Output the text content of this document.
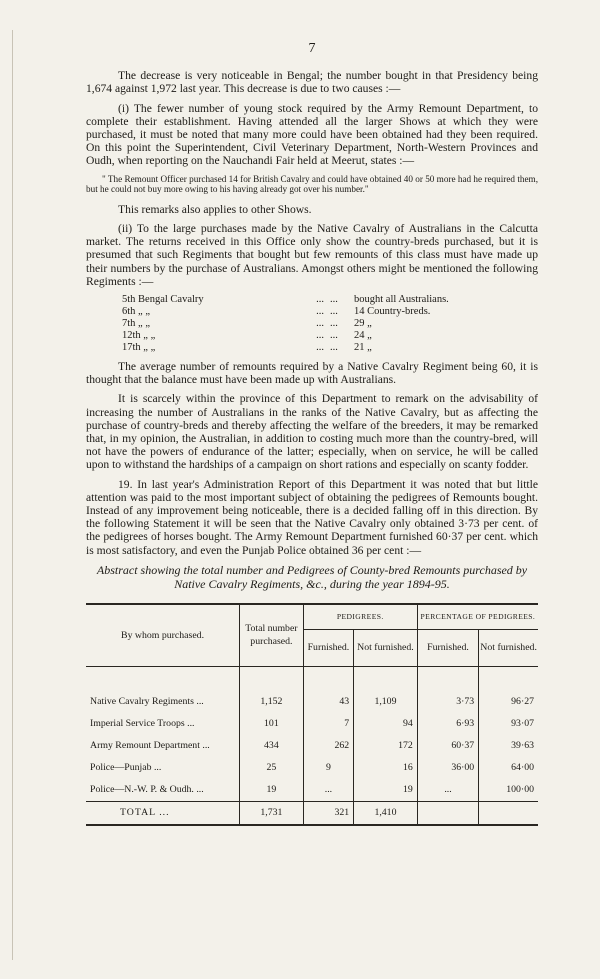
7

The decrease is very noticeable in Bengal; the number bought in that Presidency being 1,674 against 1,972 last year. This decrease is due to two causes :—

(i) The fewer number of young stock required by the Army Remount Department, to complete their establishment. Having attended all the larger Shows at which they were purchased, it must be noted that many more could have been obtained had they been required. On this point the Superintendent, Civil Veterinary Department, North-Western Provinces and Oudh, when reporting on the Nauchandi Fair held at Meerut, states :—

" The Remount Officer purchased 14 for British Cavalry and could have obtained 40 or 50 more had he required them, but he could not buy more owing to his having already got over his number."

This remarks also applies to other Shows.

(ii) To the large purchases made by the Native Cavalry of Australians in the Calcutta market. The returns received in this Office only show the country-breds purchased, but it is presumed that such Regiments that bought but few remounts of this class must have made up their numbers by the purchase of Australians. Amongst others might be mentioned the following Regiments :—

5th Bengal Cavalry	... ...	bought all Australians.
6th „ „	... ...	14 Country-breds.
7th „ „	... ...	29 „
12th „ „	... ...	24 „
17th „ „	... ...	21 „

The average number of remounts required by a Native Cavalry Regiment being 60, it is thought that the balance must have been made up with Australians.

It is scarcely within the province of this Department to remark on the advisability of increasing the number of Australians in the ranks of the Native Cavalry, but as affecting the purchase of country-breds and thereby affecting the welfare of the breeders, it may be remarked that, in my opinion, the Australian, in addition to costing much more than the country-bred, will not have the powers of endurance of the latter; especially, when on service, he will be called upon to withstand the hardships of a campaign on short rations and especially on scanty fodder.

19. In last year's Administration Report of this Department it was noted that but little attention was paid to the most important subject of obtaining the pedigrees of Remounts bought. Instead of any improvement being noticeable, there is a decided falling off in this direction. By the following Statement it will be seen that the Native Cavalry only obtained 3·73 per cent. of the pedigrees of horses bought. The Army Remount Department furnished 60·37 per cent. which is most satisfactory, and even the Punjab Police obtained 36 per cent :—

Abstract showing the total number and Pedigrees of County-bred Remounts purchased by Native Cavalry Regiments, &c., during the year 1894-95.
By whom purchased.	Total number purchased.	PEDIGREES.		PERCENTAGE OF PEDIGREES.	
		Furnished.	Not furnished.	Furnished.	Not furnished.

Native Cavalry Regiments ...	1,152	43	1,109	3·73	96·27
Imperial Service Troops ...	101	7	94	6·93	93·07
Army Remount Department ...	434	262	172	60·37	39·63
Police—Punjab ...	25	9	16	36·00	64·00
Police—N.-W. P. & Oudh. ...	19	...	19	...	100·00
TOTAL ...	1,731	321	1,410		
